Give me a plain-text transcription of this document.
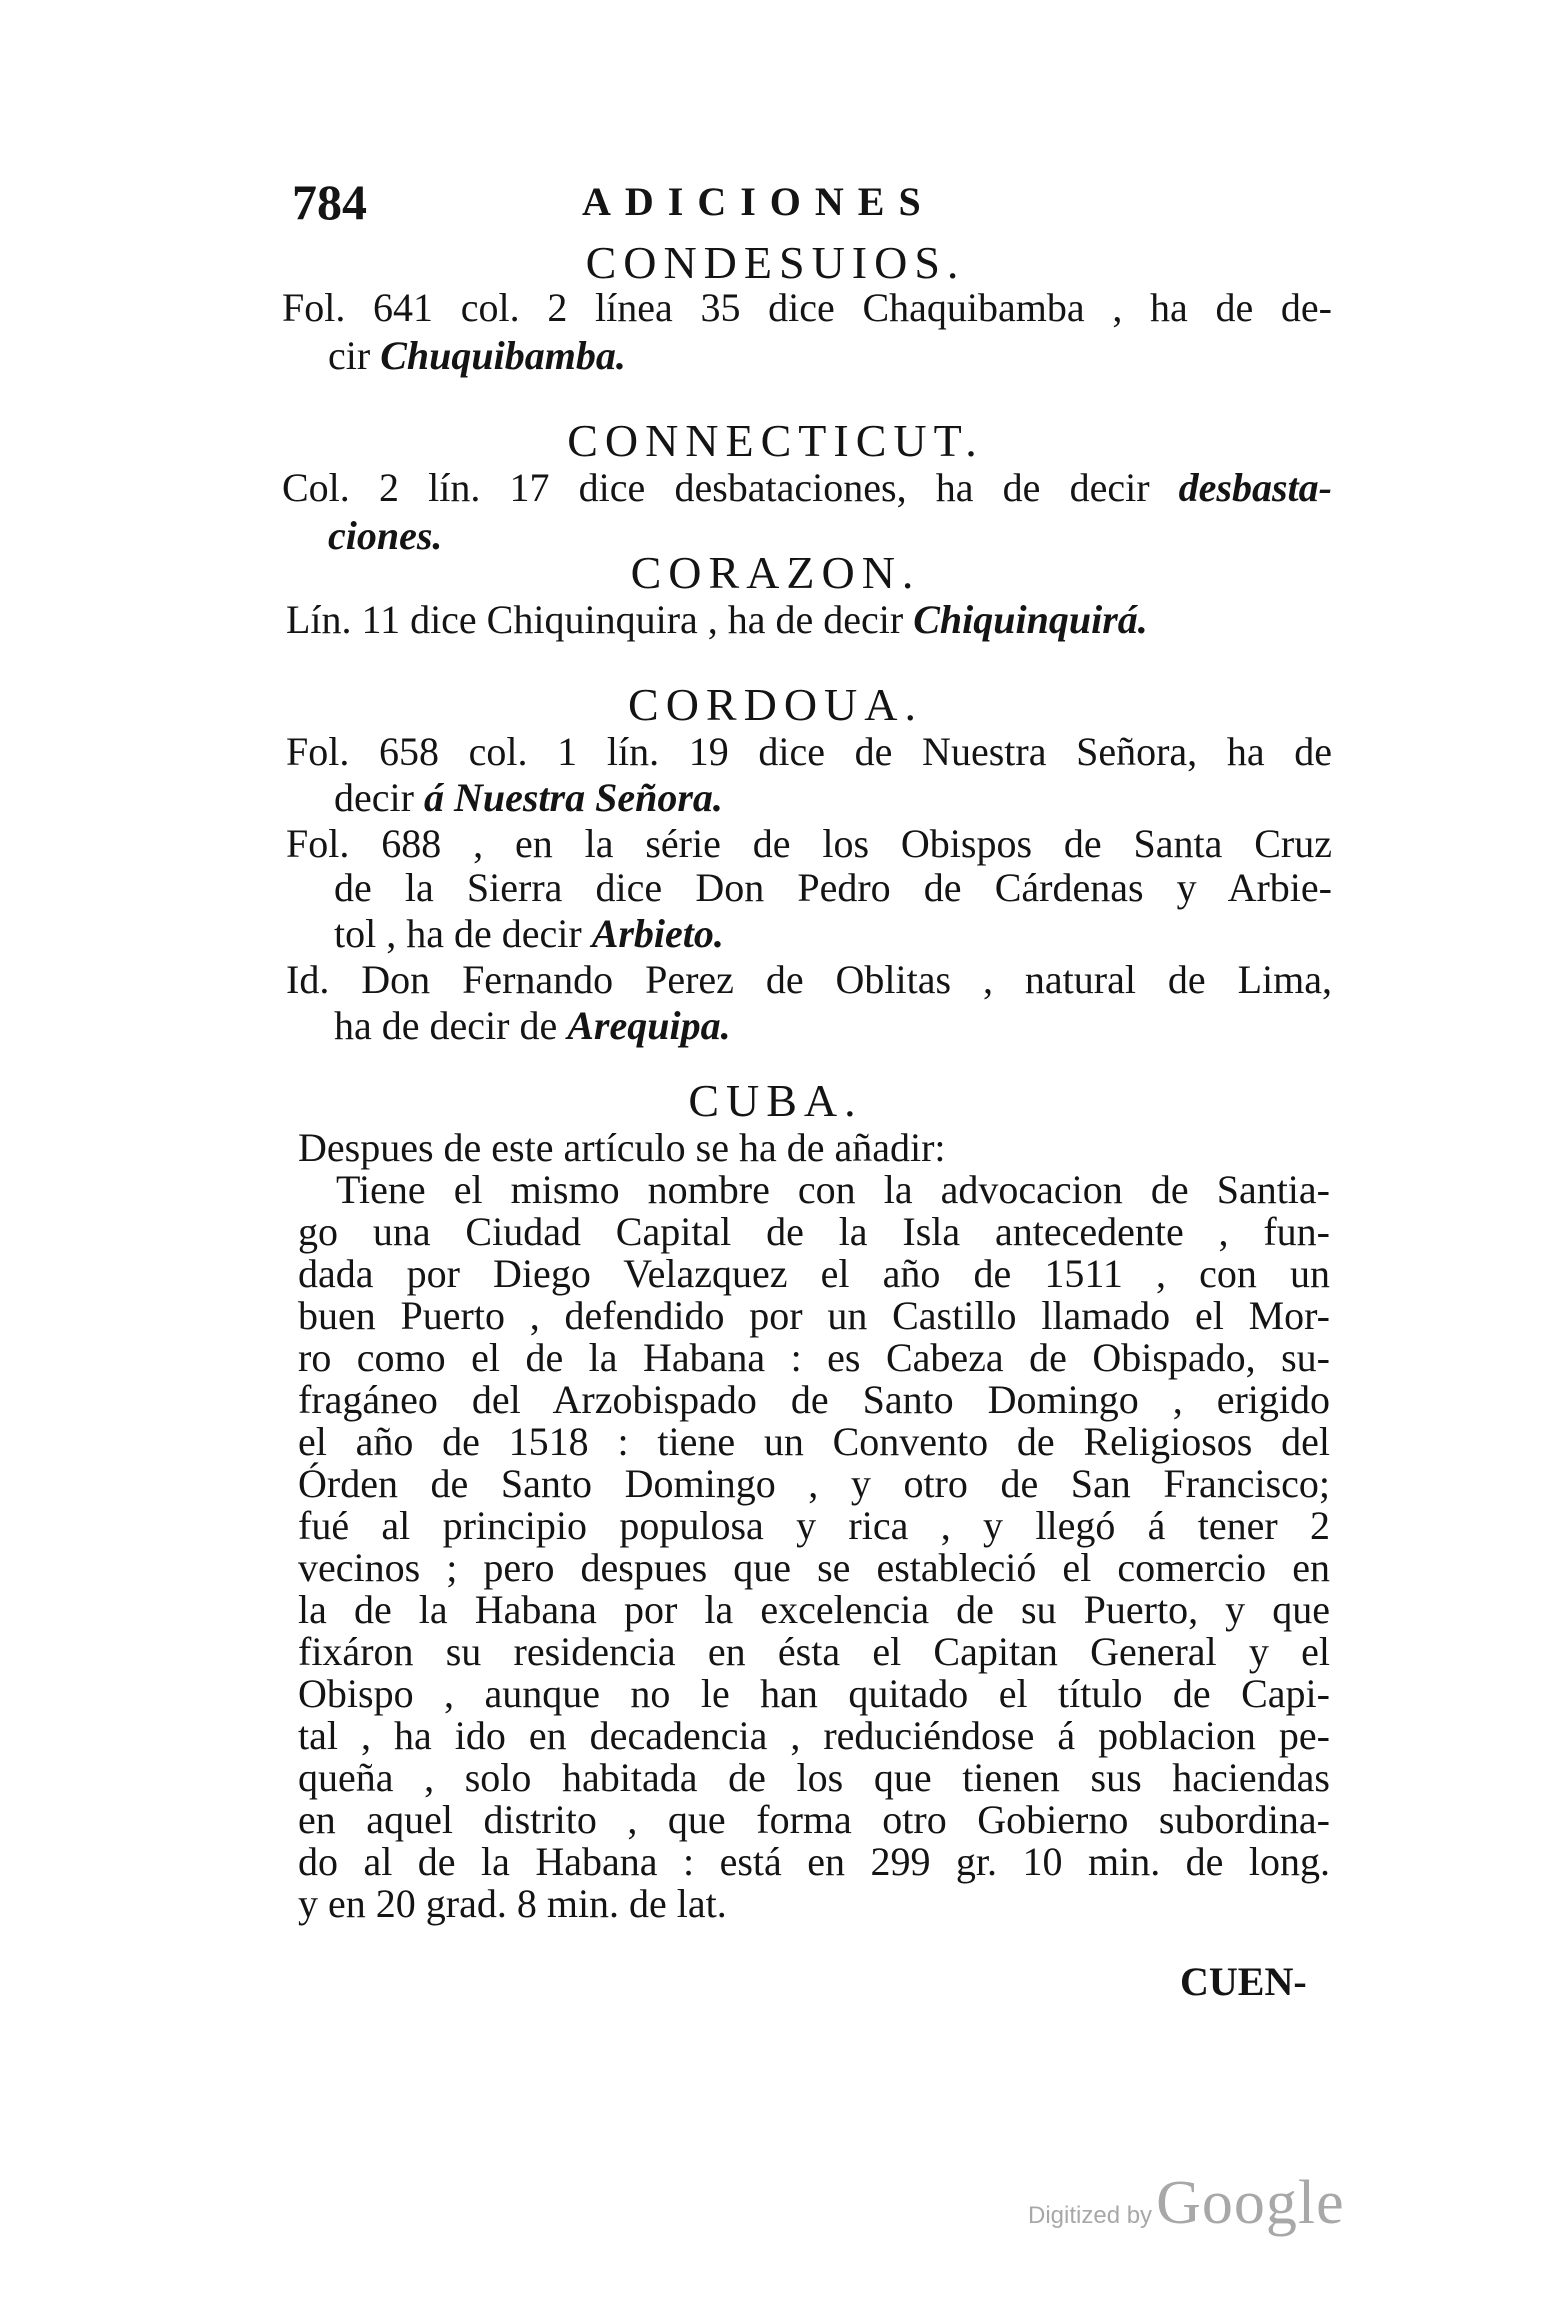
784	ADICIONES
CONDESUIOS.
Fol. 641 col. 2 línea 35 dice Chaquibamba , ha de de-
cir Chuquibamba.
CONNECTICUT.
Col. 2 lín. 17 dice desbataciones, ha de decir desbasta-
ciones.
CORAZON.
Lín. 11 dice Chiquinquira , ha de decir Chiquinquirá.
CORDOUA.
Fol. 658 col. 1 lín. 19 dice de Nuestra Señora, ha de
decir á Nuestra Señora.
Fol. 688 , en la série de los Obispos de Santa Cruz
de la Sierra dice Don Pedro de Cárdenas y Arbie-
tol , ha de decir Arbieto.
Id. Don Fernando Perez de Oblitas , natural de Lima,
ha de decir de Arequipa.
CUBA.
Despues de este artículo se ha de añadir:
Tiene el mismo nombre con la advocacion de Santia-
go una Ciudad Capital de la Isla antecedente , fun-
dada por Diego Velazquez el año de 1511 , con un
buen Puerto , defendido por un Castillo llamado el Mor-
ro como el de la Habana : es Cabeza de Obispado, su-
fragáneo del Arzobispado de Santo Domingo , erigido
el año de 1518 : tiene un Convento de Religiosos del
Órden de Santo Domingo , y otro de San Francisco;
fué al principio populosa y rica , y llegó á tener 2
vecinos ; pero despues que se estableció el comercio en
la de la Habana por la excelencia de su Puerto, y que
fixáron su residencia en ésta el Capitan General y el
Obispo , aunque no le han quitado el título de Capi-
tal , ha ido en decadencia , reduciéndose á poblacion pe-
queña , solo habitada de los que tienen sus haciendas
en aquel distrito , que forma otro Gobierno subordina-
do al de la Habana : está en 299 gr. 10 min. de long.
y en 20 grad. 8 min. de lat.
CUEN-
Digitized by Google
